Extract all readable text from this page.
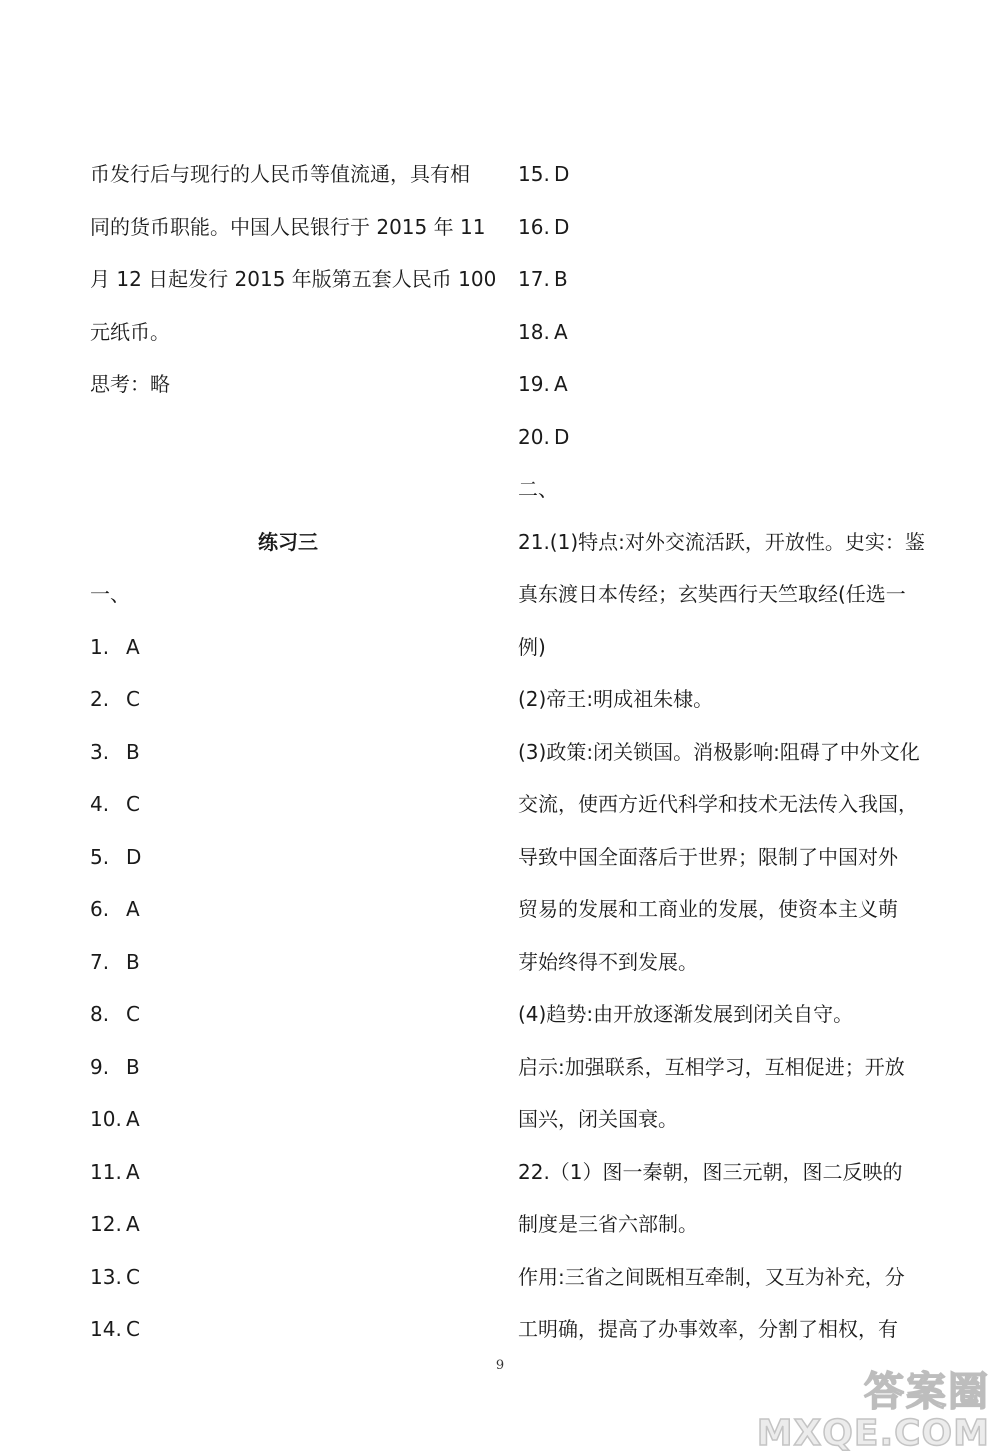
币发行后与现行的人民币等值流通，具有相
同的货币职能。中国人民银行于 2015 年 11
月 12 日起发行 2015 年版第五套人民币 100
元纸币。
思考：略
练习三
一、
1. A
2. C
3. B
4. C
5. D
6. A
7. B
8. C
9. B
10. A
11. A
12. A
13. C
14. C
15. D
16. D
17. B
18. A
19. A
20. D
二、
21.(1)特点:对外交流活跃，开放性。史实：鉴
真东渡日本传经；玄奘西行天竺取经(任选一
例)
(2)帝王:明成祖朱棣。
(3)政策:闭关锁国。消极影响:阻碍了中外文化
交流，使西方近代科学和技术无法传入我国，
导致中国全面落后于世界；限制了中国对外
贸易的发展和工商业的发展，使资本主义萌
芽始终得不到发展。
(4)趋势:由开放逐渐发展到闭关自守。
启示:加强联系，互相学习，互相促进；开放
国兴，闭关国衰。
22.（1）图一秦朝，图三元朝，图二反映的
制度是三省六部制。
作用:三省之间既相互牵制，又互为补充，分
工明确，提高了办事效率，分割了相权，有
9
答案圈
MXQE.COM
